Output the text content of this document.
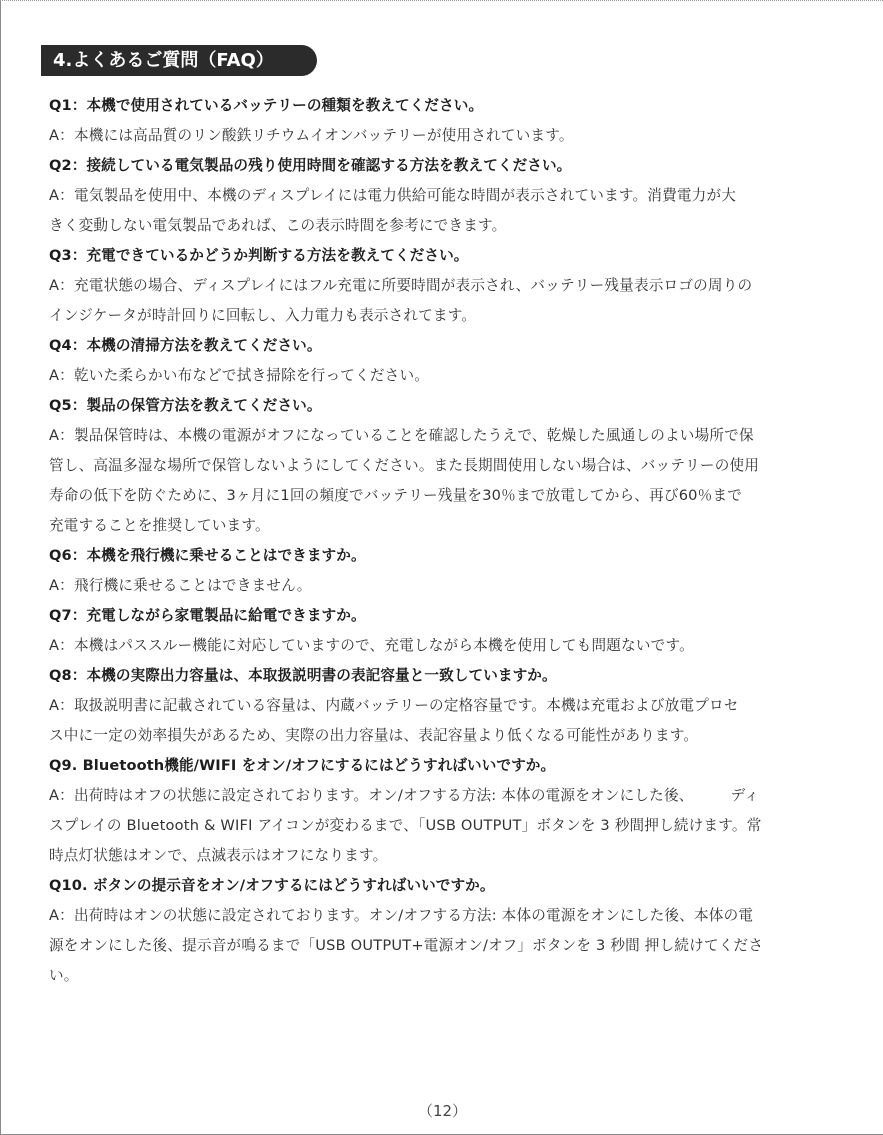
4.よくあるご質問（FAQ）
Q1：本機で使用されているバッテリーの種類を教えてください。
A：本機には高品質のリン酸鉄リチウムイオンバッテリーが使用されています。
Q2：接続している電気製品の残り使用時間を確認する方法を教えてください。
A：電気製品を使用中、本機のディスプレイには電力供給可能な時間が表示されています。消費電力が大
きく変動しない電気製品であれば、この表示時間を参考にできます。
Q3：充電できているかどうか判断する方法を教えてください。
A：充電状態の場合、ディスプレイにはフル充電に所要時間が表示され、バッテリー残量表示ロゴの周りの
インジケータが時計回りに回転し、入力電力も表示されてます。
Q4：本機の清掃方法を教えてください。
A：乾いた柔らかい布などで拭き掃除を行ってください。
Q5：製品の保管方法を教えてください。
A：製品保管時は、本機の電源がオフになっていることを確認したうえで、乾燥した風通しのよい場所で保
管し、高温多湿な場所で保管しないようにしてください。また長期間使用しない場合は、バッテリーの使用
寿命の低下を防ぐために、3ヶ月に1回の頻度でバッテリー残量を30％まで放電してから、再び60％まで
充電することを推奨しています。
Q6：本機を飛行機に乗せることはできますか。
A：飛行機に乗せることはできません。
Q7：充電しながら家電製品に給電できますか。
A：本機はパススルー機能に対応していますので、充電しながら本機を使用しても問題ないです。
Q8：本機の実際出力容量は、本取扱説明書の表記容量と一致していますか。
A：取扱説明書に記載されている容量は、内蔵バッテリーの定格容量です。本機は充電および放電プロセ
ス中に一定の効率損失があるため、実際の出力容量は、表記容量より低くなる可能性があります。
Q9. Bluetooth機能/WIFI をオン/オフにするにはどうすればいいですか。
A：出荷時はオフの状態に設定されております。オン/オフする方法: 本体の電源をオンにした後、　　　ディ
スプレイの Bluetooth & WIFI アイコンが変わるまで、「USB OUTPUT」ボタンを 3 秒間押し続けます。常
時点灯状態はオンで、点滅表示はオフになります。
Q10. ボタンの提示音をオン/オフするにはどうすればいいですか。
A：出荷時はオンの状態に設定されております。オン/オフする方法: 本体の電源をオンにした後、本体の電
源をオンにした後、提示音が鳴るまで「USB OUTPUT+電源オン/オフ」ボタンを 3 秒間 押し続けてくださ
い。
（12）
